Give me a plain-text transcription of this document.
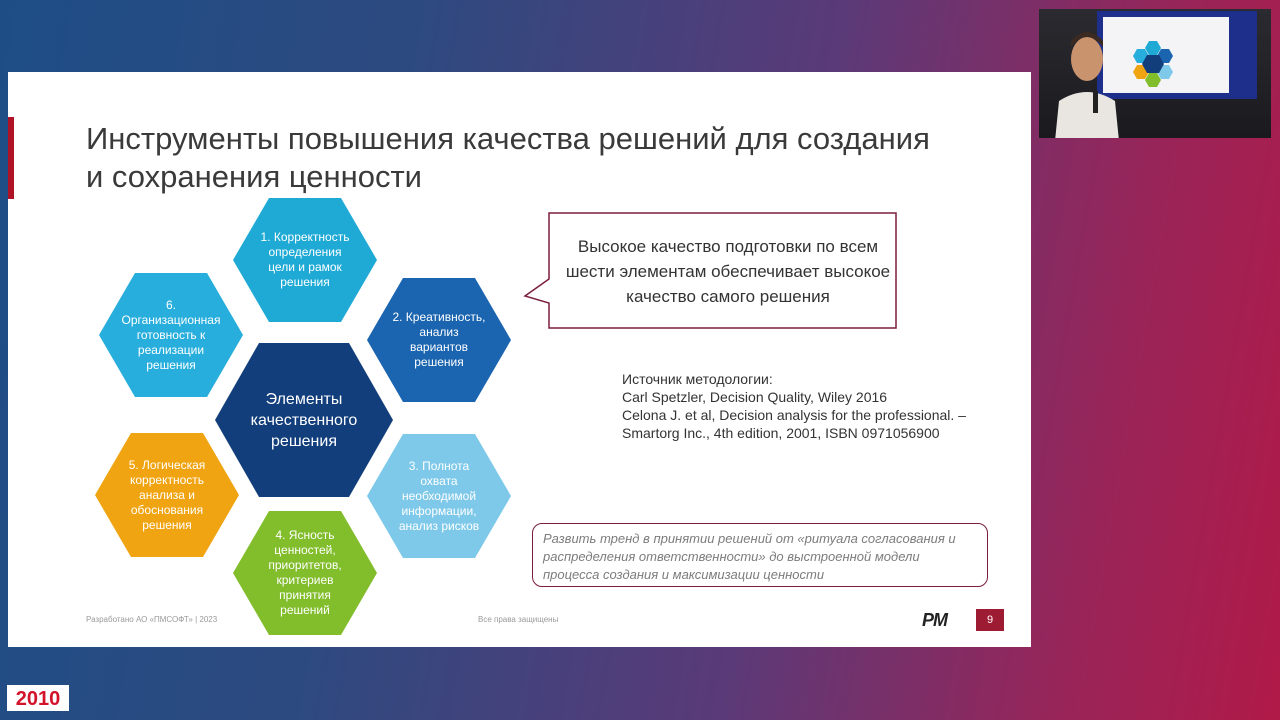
Инструменты повышения качества решений для создания
и сохранения ценности
1. Корректность определения цели и рамок решения
2. Креативность, анализ вариантов решения
3. Полнота охвата необходимой информации, анализ рисков
4. Ясность ценностей, приоритетов, критериев принятия решений
5. Логическая корректность анализа и обоснования решения
6. Организационная готовность к реализации решения
Элементы качественного решения
Высокое качество подготовки по всем шести элементам обеспечивает высокое качество самого решения
Источник методологии:
Carl Spetzler, Decision Quality, Wiley 2016
Celona J. et al, Decision analysis for the professional. –
Smartorg Inc., 4th edition, 2001, ISBN 0971056900
Развить тренд в принятии решений от «ритуала согласования и распределения ответственности» до выстроенной модели процесса создания и максимизации ценности
Разработано АО «ПМСОФТ» | 2023	Все права защищены	PM	9
2010
